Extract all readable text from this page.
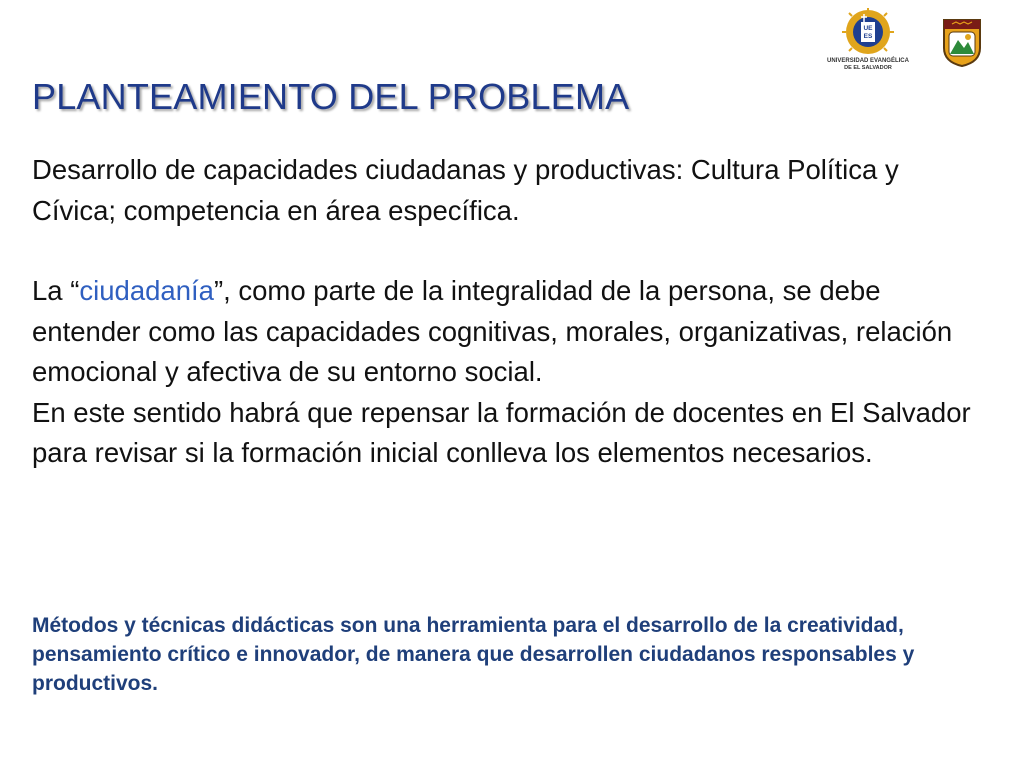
UE
ES
UNIVERSIDAD EVANGÉLICA
DE EL SALVADOR
PLANTEAMIENTO DEL PROBLEMA

Desarrollo de capacidades ciudadanas y productivas: Cultura Política y Cívica; competencia en área específica.

La “ciudadanía”, como parte de la integralidad de la persona, se debe entender como las capacidades cognitivas, morales, organizativas, relación emocional y afectiva de su entorno social.

En este sentido habrá que repensar la formación de docentes en El Salvador para revisar si la formación inicial conlleva los elementos necesarios.

Métodos y técnicas didácticas son una herramienta para el desarrollo de la creatividad, pensamiento crítico e innovador, de manera que desarrollen ciudadanos responsables y productivos.
